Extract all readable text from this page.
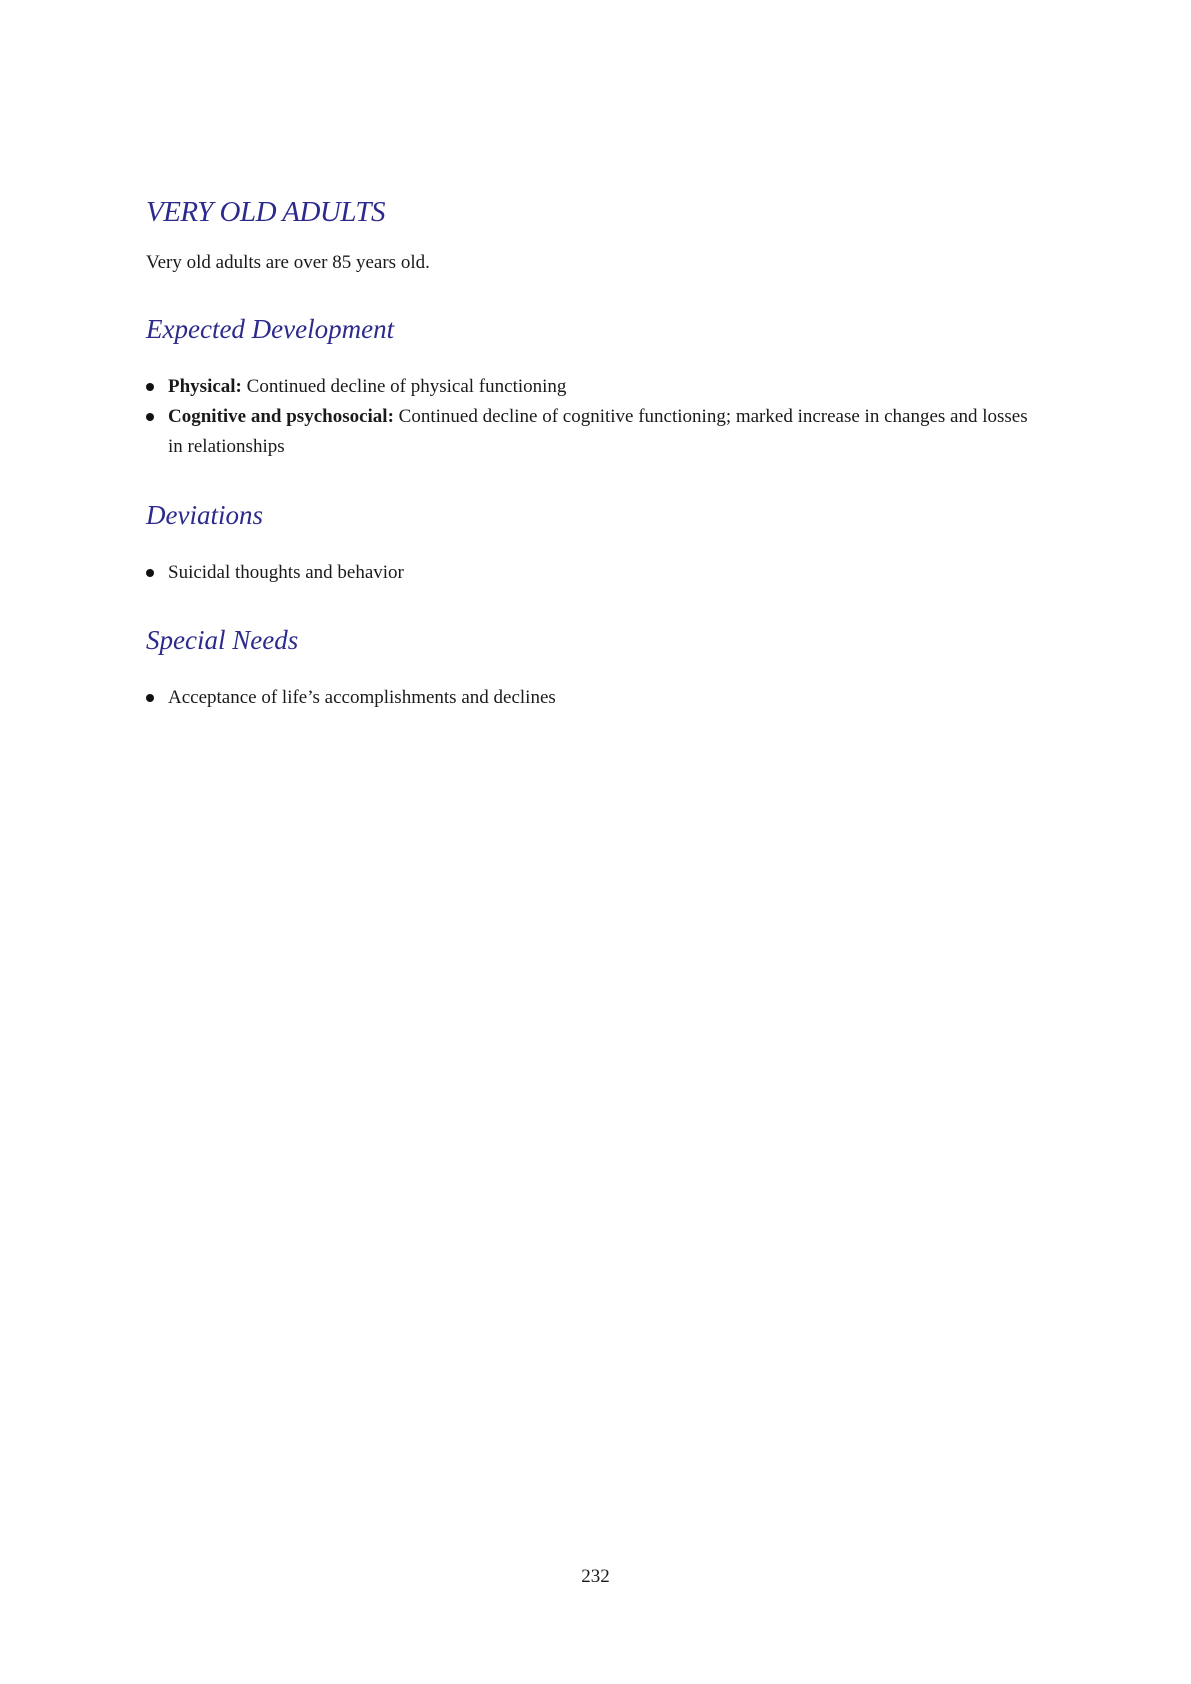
VERY OLD ADULTS

Very old adults are over 85 years old.

Expected Development
Physical: Continued decline of physical functioning
Cognitive and psychosocial: Continued decline of cognitive functioning; marked increase in changes and losses in relationships
Deviations
Suicidal thoughts and behavior
Special Needs
Acceptance of life’s accomplishments and declines

232
